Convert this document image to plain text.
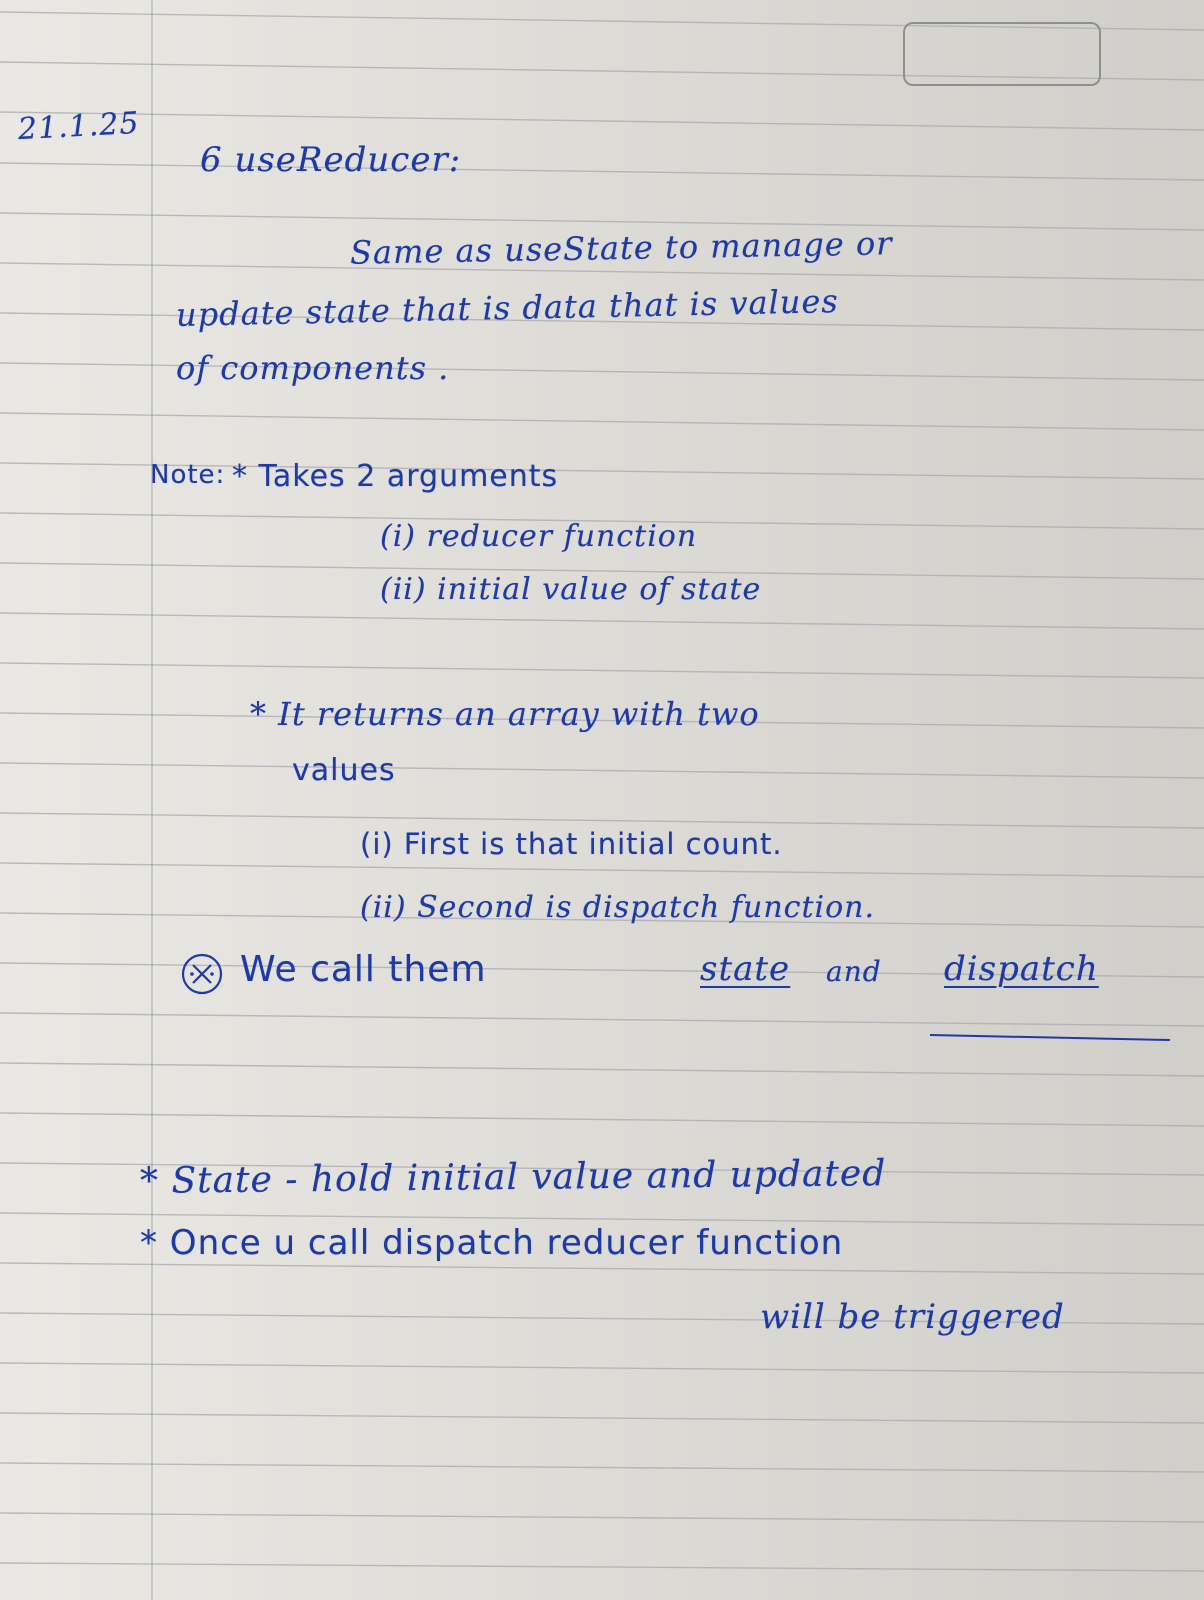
21.1.25

6 useReducer:

Same as useState to manage or

update state that is data that is values

of components .

Note: * Takes 2 arguments

(i) reducer function

(ii) initial value of state

* It returns an array with two

values

(i) First is that initial count.

(ii) Second is dispatch function.

We call them	state and dispatch

* State - hold initial value and updated

* Once u call dispatch reducer function

will be triggered
